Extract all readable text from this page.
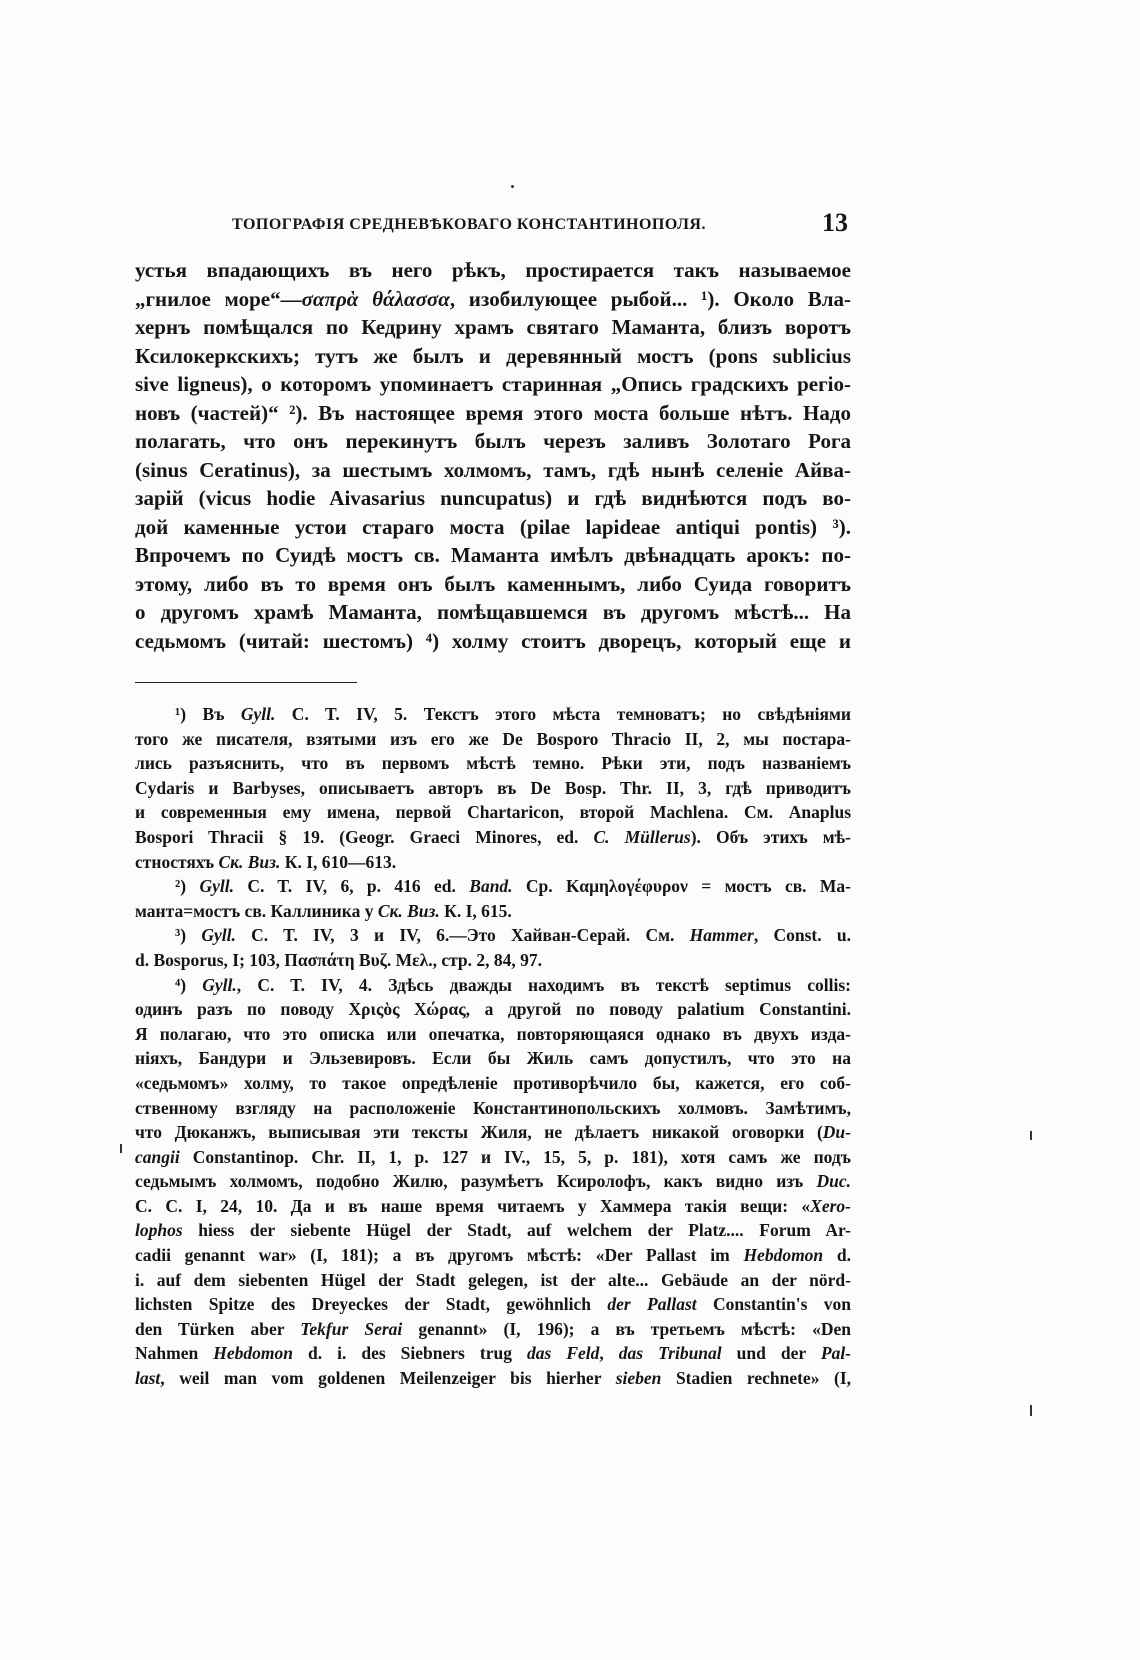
ТОПОГРАФІЯ СРЕДНЕВѢКОВАГО КОНСТАНТИНОПОЛЯ.	13
устья впадающихъ въ него рѣкъ, простирается такъ называемое
„гнилое море“—σαπρὰ θάλασσα, изобилующее рыбой... ¹). Около Вла-
хернъ помѣщался по Кедрину храмъ святаго Маманта, близъ воротъ
Ксилокеркскихъ; тутъ же былъ и деревянный мостъ (pons sublicius
sive ligneus), о которомъ упоминаетъ старинная „Опись градскихъ регіо-
новъ (частей)“ ²). Въ настоящее время этого моста больше нѣтъ. Надо
полагать, что онъ перекинутъ былъ черезъ заливъ Золотаго Рога
(sinus Ceratinus), за шестымъ холмомъ, тамъ, гдѣ нынѣ селеніе Айва-
зарій (vicus hodie Aivasarius nuncupatus) и гдѣ виднѣются подъ во-
дой каменные устои стараго моста (pilae lapideae antiqui pontis) ³).
Впрочемъ по Суидѣ мостъ св. Маманта имѣлъ двѣнадцать арокъ: по-
этому, либо въ то время онъ былъ каменнымъ, либо Суида говоритъ
о другомъ храмѣ Маманта, помѣщавшемся въ другомъ мѣстѣ... На
седьмомъ (читай: шестомъ) ⁴) холму стоитъ дворецъ, который еще и
¹) Въ Gyll. C. T. IV, 5. Текстъ этого мѣста темноватъ; но свѣдѣніями
того же писателя, взятыми изъ его же De Bosporo Thracio II, 2, мы постара-
лись разъяснить, что въ первомъ мѣстѣ темно. Рѣки эти, подъ названіемъ
Cydaris и Barbyses, описываетъ авторъ въ De Bosp. Thr. II, 3, гдѣ приводитъ
и современныя ему имена, первой Chartaricon, второй Machlena. См. Anaplus
Bospori Thracii § 19. (Geogr. Graeci Minores, ed. C. Müllerus). Объ этихъ мѣ-
стностяхъ Ск. Виз. К. I, 610—613.
²) Gyll. C. T. IV, 6, p. 416 ed. Band. Ср. Καμηλογέφυρον = мостъ св. Ма-
манта=мостъ св. Каллиника у Ск. Виз. К. I, 615.
³) Gyll. C. T. IV, 3 и IV, 6.—Это Хайван-Серай. См. Hammer, Const. u.
d. Bosporus, I; 103, Πασπάτη Βυζ. Μελ., стр. 2, 84, 97.
⁴) Gyll., C. T. IV, 4. Здѣсь дважды находимъ въ текстѣ septimus collis:
одинъ разъ по поводу Χριςὸς Χώρας, а другой по поводу palatium Constantini.
Я полагаю, что это описка или опечатка, повторяющаяся однако въ двухъ изда-
ніяхъ, Бандури и Эльзевировъ. Если бы Жиль самъ допустилъ, что это на
«седьмомъ» холму, то такое опредѣленіе противорѣчило бы, кажется, его соб-
ственному взгляду на расположеніе Константинопольскихъ холмовъ. Замѣтимъ,
что Дюканжъ, выписывая эти тексты Жиля, не дѣлаетъ никакой оговорки (Du-
cangii Constantinop. Chr. II, 1, p. 127 и IV., 15, 5, p. 181), хотя самъ же подъ
седьмымъ холмомъ, подобно Жилю, разумѣетъ Ксиролофъ, какъ видно изъ Duc.
C. C. I, 24, 10. Да и въ наше время читаемъ у Хаммера такія вещи: «Xero-
lophos hiess der siebente Hügel der Stadt, auf welchem der Platz.... Forum Ar-
cadii genannt war» (I, 181); а въ другомъ мѣстѣ: «Der Pallast im Hebdomon d.
i. auf dem siebenten Hügel der Stadt gelegen, ist der alte... Gebäude an der nörd-
lichsten Spitze des Dreyeckes der Stadt, gewöhnlich der Pallast Constantin's von
den Türken aber Tekfur Serai genannt» (I, 196); а въ третьемъ мѣстѣ: «Den
Nahmen Hebdomon d. i. des Siebners trug das Feld, das Tribunal und der Pal-
last, weil man vom goldenen Meilenzeiger bis hierher sieben Stadien rechnete» (I,
